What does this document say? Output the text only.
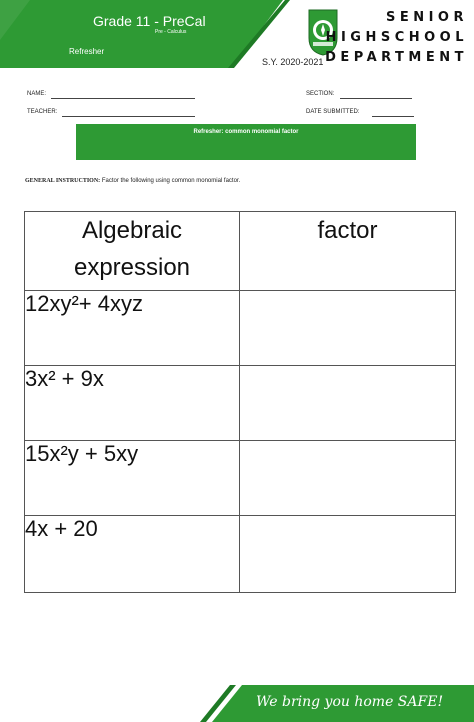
Grade 11 - PreCal
Pre - Calculus
Refresher
S.Y. 2020-2021
SENIOR
HIGHSCHOOL
DEPARTMENT
NAME:	SECTION:
TEACHER:	DATE SUBMITTED:
Refresher: common monomial factor
GENERAL INSTRUCTION: Factor the following using common monomial factor.
Algebraic expression	factor
12xy²+ 4xyz	
3x² + 9x	
15x²y + 5xy	
4x + 20	
We bring you home SAFE!
